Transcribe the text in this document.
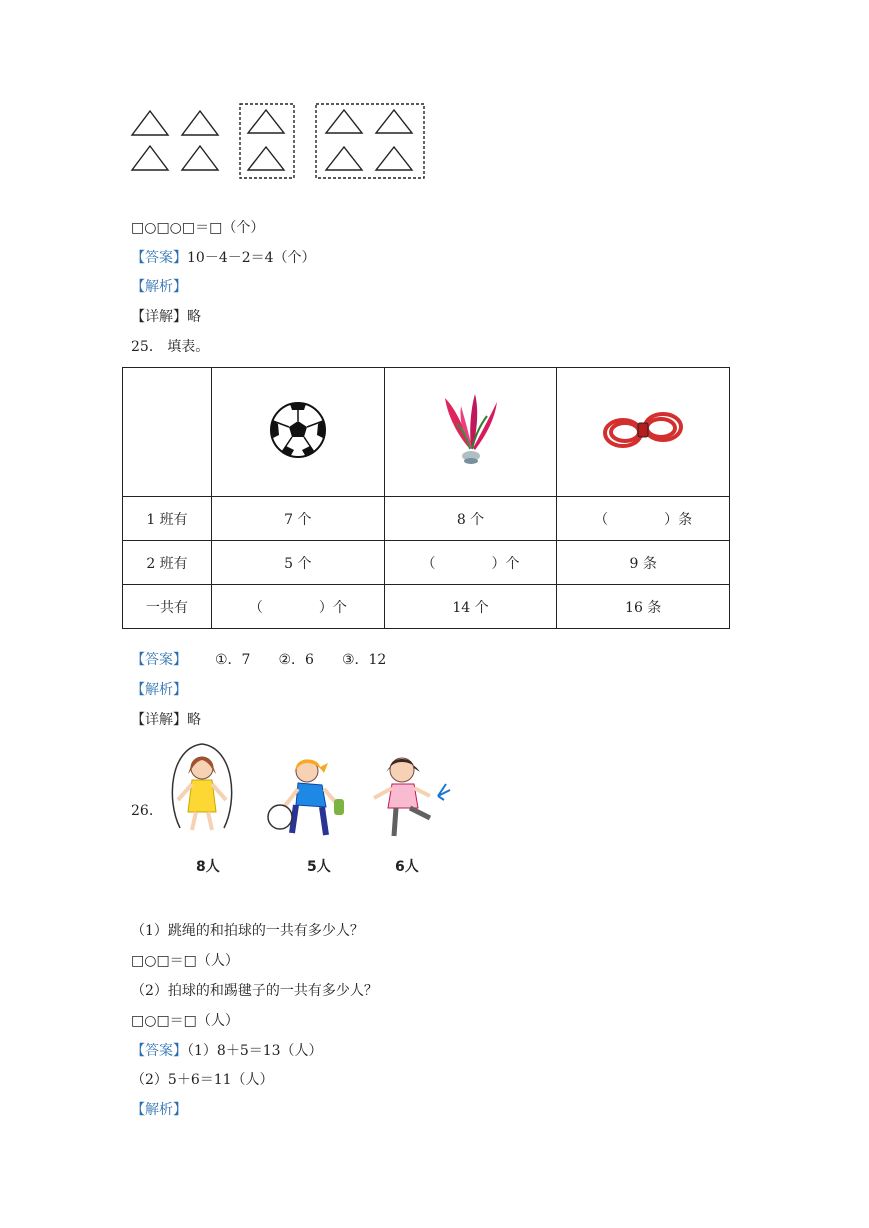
□○□○□＝□（个）
【答案】10－4－2＝4（个）
【解析】
【详解】略
25． 填表。

1 班有	7 个	8 个	（　　　　）条
2 班有	5 个	（　　　　）个	9 条
一共有	（　　　　）个	14 个	16 条
【答案】 ①．7 ②．6 ③．12
【解析】
【详解】略
26.
8人	5人	6人
（1）跳绳的和拍球的一共有多少人？
□○□＝□（人）
（2）拍球的和踢毽子的一共有多少人？
□○□＝□（人）
【答案】（1）8＋5＝13（人）
（2）5＋6＝11（人）
【解析】
